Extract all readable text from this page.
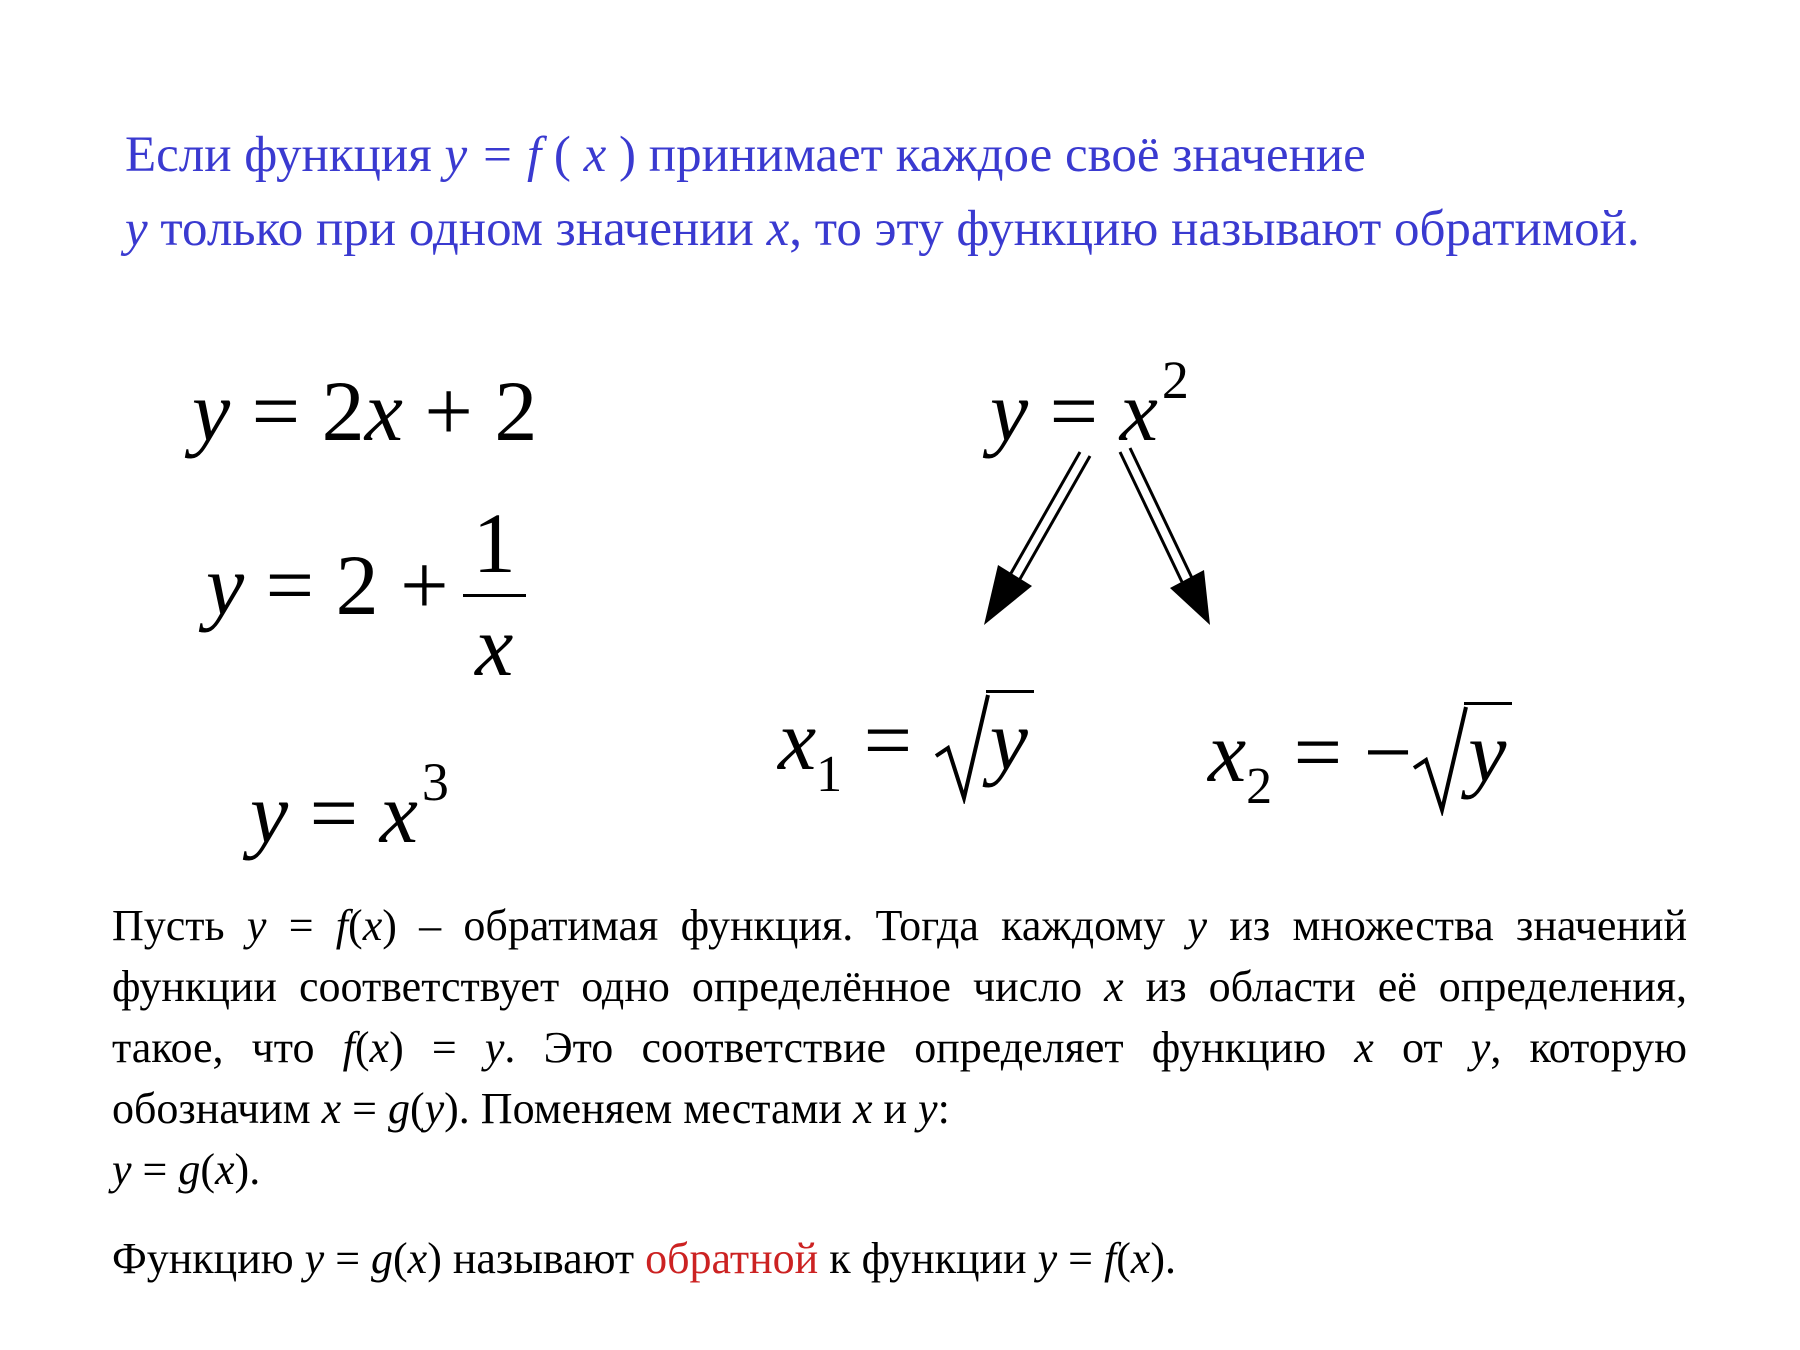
Если функция y = f ( x ) принимает каждое своё значение
y только при одном значении x, то эту функцию называют обратимой.
y = 2x + 2
$y = 2 + \frac{1}{x}$
$y = x^3$
$y = x^2$
$x_1$ =
y $x_2$ = − y
Пусть y = f(x) – обратимая функция. Тогда каждому y из множества значений функции соответствует одно определённое число x из области её определения, такое, что f(x) = y. Это соответствие определяет функцию x от y, которую обозначим x = g(y). Поменяем местами x и y:
y = g(x).
Функцию y = g(x) называют обратной к функции y = f(x).
